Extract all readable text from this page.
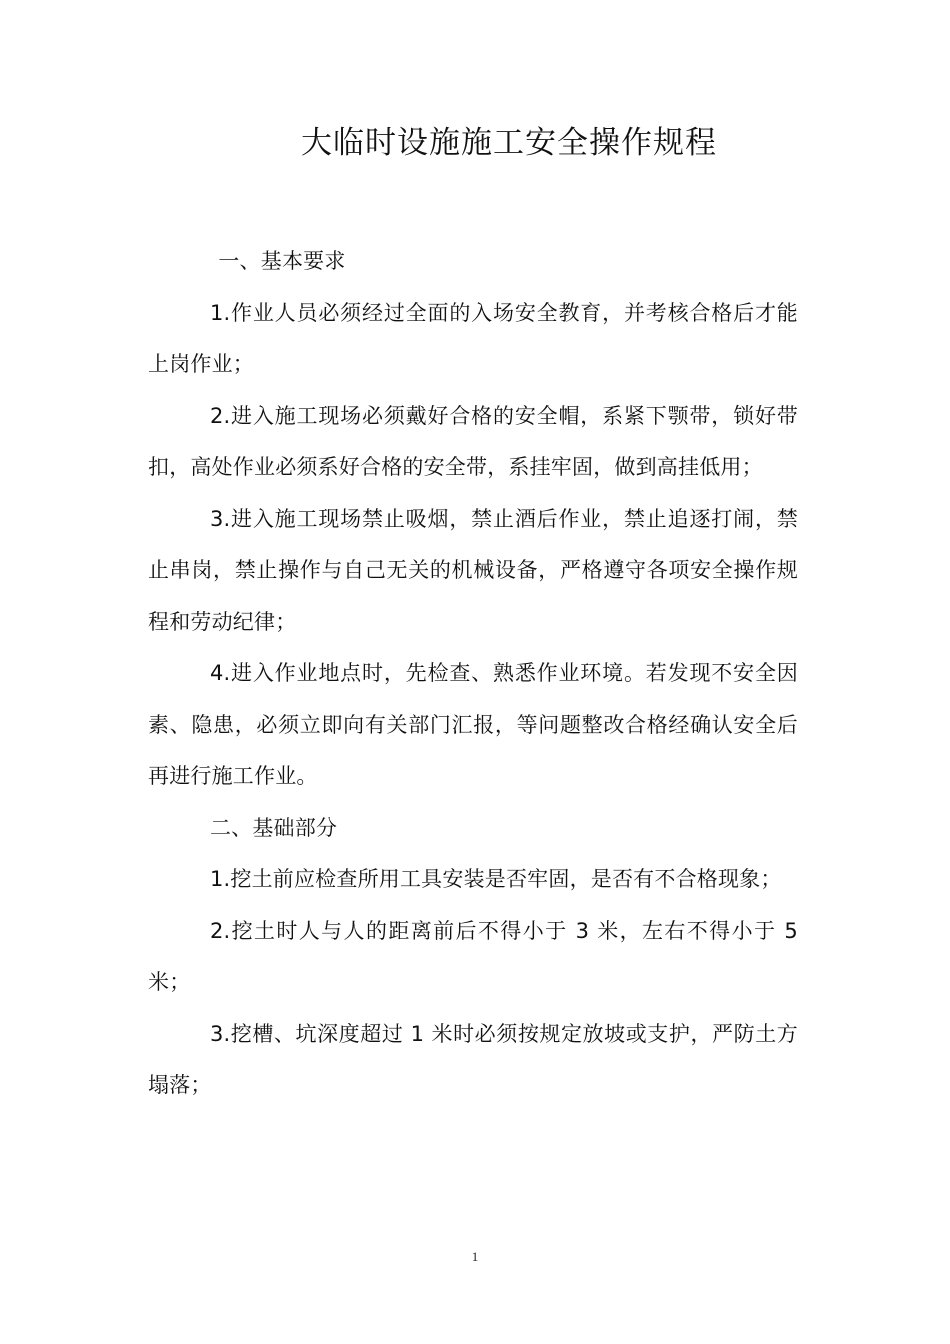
大临时设施施工安全操作规程

一、基本要求

1.作业人员必须经过全面的入场安全教育，并考核合格后才能上岗作业；

2.进入施工现场必须戴好合格的安全帽，系紧下颚带，锁好带扣，高处作业必须系好合格的安全带，系挂牢固，做到高挂低用；

3.进入施工现场禁止吸烟，禁止酒后作业，禁止追逐打闹，禁止串岗，禁止操作与自己无关的机械设备，严格遵守各项安全操作规程和劳动纪律；

4.进入作业地点时，先检查、熟悉作业环境。若发现不安全因素、隐患，必须立即向有关部门汇报，等问题整改合格经确认安全后再进行施工作业。

二、基础部分

1.挖土前应检查所用工具安装是否牢固，是否有不合格现象；

2.挖土时人与人的距离前后不得小于 3 米，左右不得小于 5 米；

3.挖槽、坑深度超过 1 米时必须按规定放坡或支护，严防土方塌落；

1
